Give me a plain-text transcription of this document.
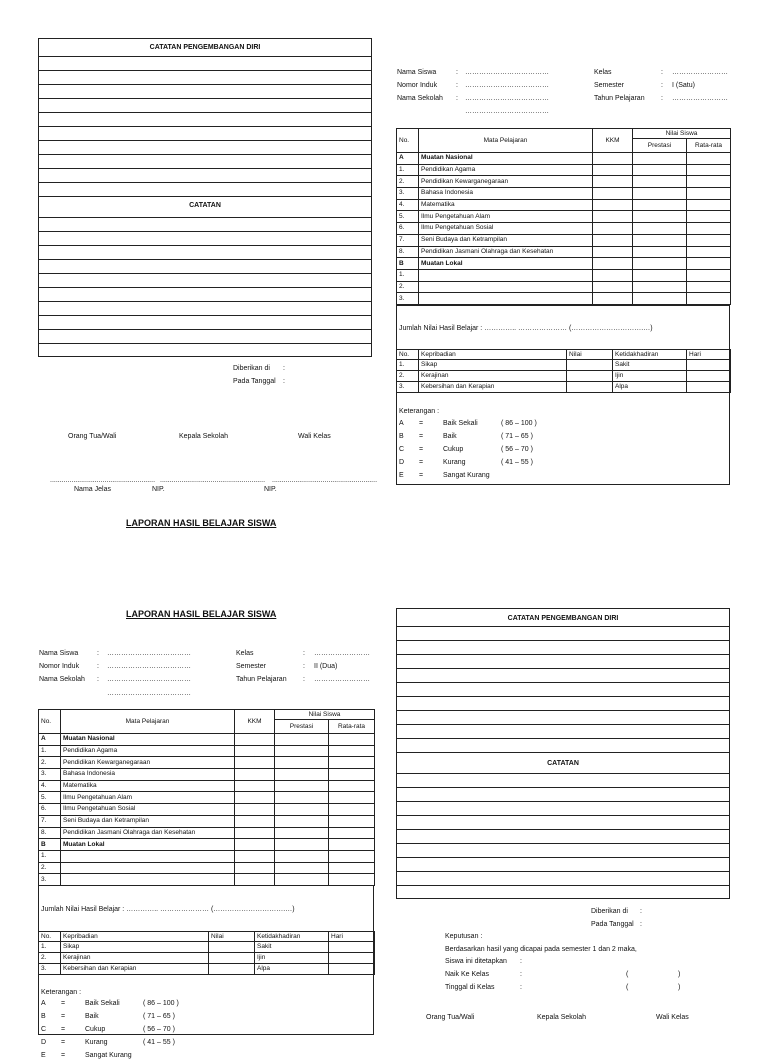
CATATAN PENGEMBANGAN DIRI
CATATAN
Diberikan di :
Pada Tanggal :
Orang Tua/Wali	Kepala Sekolah	Wali Kelas
...................................................... ...................................................... ......................................................
Nama Jelas	NIP.	NIP.
LAPORAN HASIL BELAJAR SISWA
Nama Siswa	: ………………………………
Nomor Induk	: ………………………………
Nama Sekolah : ………………………………
………………………………
Kelas	: ……………………
Semester	: I (Satu)
Tahun Pelajaran : ……………………
No.	Mata Pelajaran	KKM	Nilai Siswa	
			Prestasi	Rata-rata
A	Muatan Nasional			
1.	Pendidikan Agama			
2.	Pendidikan Kewarganegaraan			
3.	Bahasa Indonesia			
4.	Matematika			
5.	Ilmu Pengetahuan Alam			
6.	Ilmu Pengetahuan Sosial			
7.	Seni Budaya dan Ketrampilan			
8.	Pendidikan Jasmani Olahraga dan Kesehatan			
B	Muatan Lokal			
1.				
2.				
3.				
Jumlah Nilai Hasil Belajar : ………….. ………………… (………………………….…)
No.	Kepribadian	Nilai	Ketidakhadiran	Hari
1.	Sikap		Sakit	
2.	Kerajinan		Ijin	
3.	Kebersihan dan Kerapian		Alpa	
Keterangan :
A	=	Baik Sekali	( 86 – 100 )
B	=	Baik	( 71 – 65 )
C	=	Cukup	( 56 – 70 )
D	=	Kurang	( 41 – 55 )
E	=	Sangat Kurang
LAPORAN HASIL BELAJAR SISWA
Nama Siswa	: ………………………………
Nomor Induk	: ………………………………
Nama Sekolah : ………………………………
………………………………
Kelas	: ……………………
Semester	: II (Dua)
Tahun Pelajaran : ……………………
No.	Mata Pelajaran	KKM	Nilai Siswa	
			Prestasi	Rata-rata
A	Muatan Nasional			
1.	Pendidikan Agama			
2.	Pendidikan Kewarganegaraan			
3.	Bahasa Indonesia			
4.	Matematika			
5.	Ilmu Pengetahuan Alam			
6.	Ilmu Pengetahuan Sosial			
7.	Seni Budaya dan Ketrampilan			
8.	Pendidikan Jasmani Olahraga dan Kesehatan			
B	Muatan Lokal			
1.				
2.				
3.				
Jumlah Nilai Hasil Belajar : ………….. ………………… (………………………….…)
No.	Kepribadian	Nilai	Ketidakhadiran	Hari
1.	Sikap		Sakit	
2.	Kerajinan		Ijin	
3.	Kebersihan dan Kerapian		Alpa	
Keterangan :
A	=	Baik Sekali	( 86 – 100 )
B	=	Baik	( 71 – 65 )
C	=	Cukup	( 56 – 70 )
D	=	Kurang	( 41 – 55 )
E	=	Sangat Kurang
CATATAN PENGEMBANGAN DIRI
CATATAN
Diberikan di :
Pada Tanggal :
Keputusan :
Berdasarkan hasil yang dicapai pada semester 1 dan 2 maka,
Siswa ini ditetapkan :
Naik Ke Kelas	:	(	)
Tinggal di Kelas	:	(	)
Orang Tua/Wali	Kepala Sekolah	Wali Kelas
